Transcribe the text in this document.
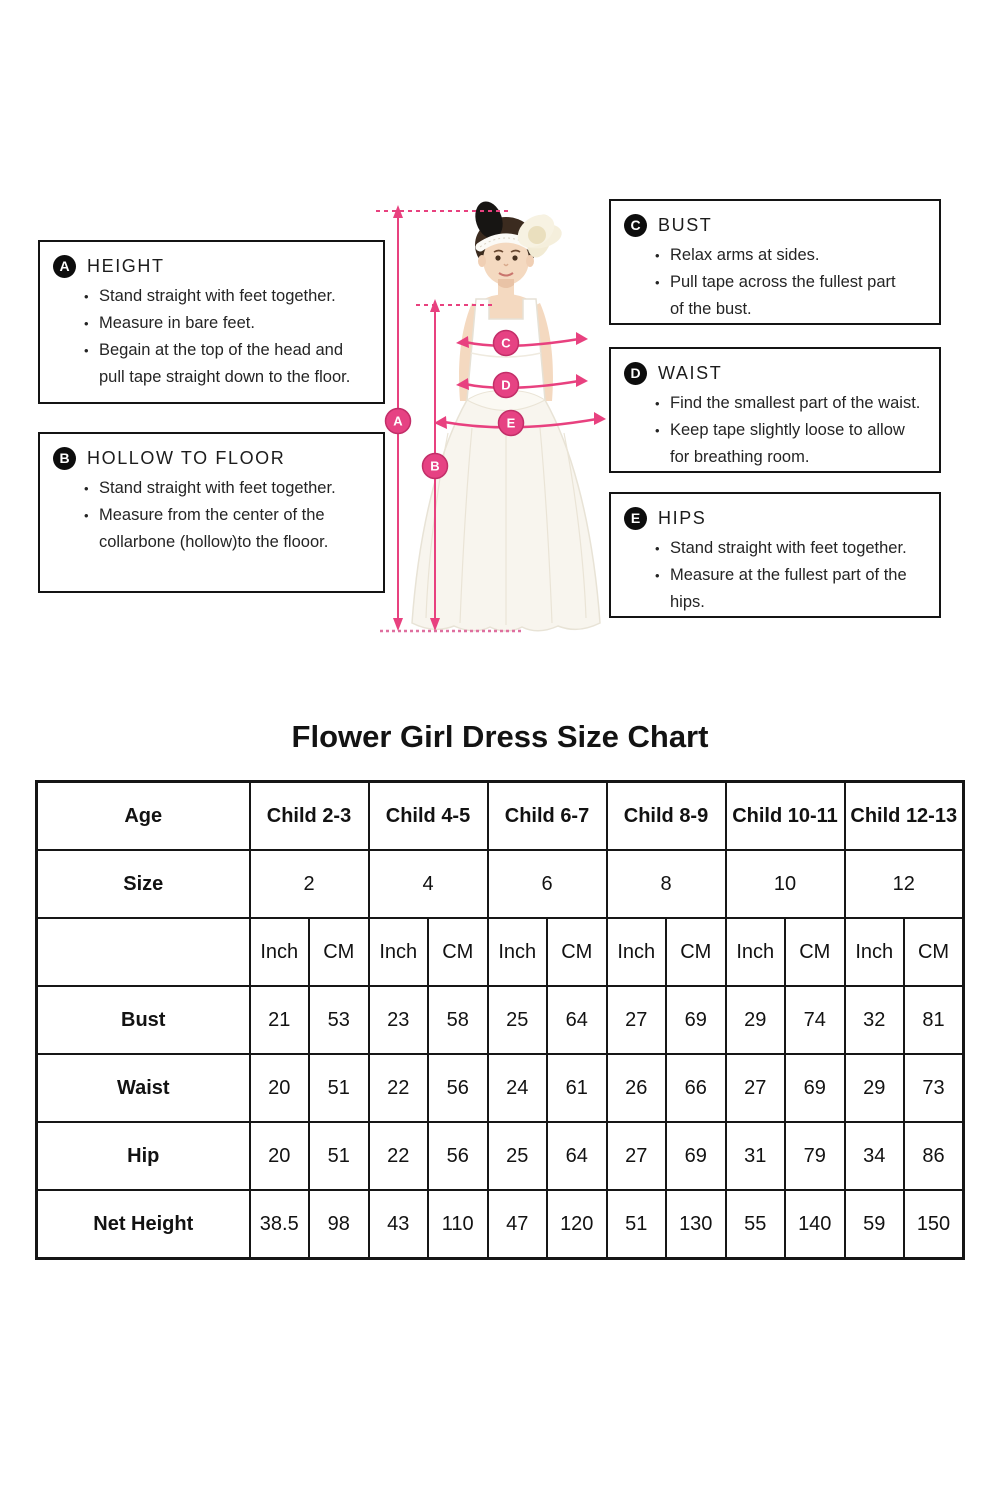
A HEIGHT
• Stand straight with feet together.
• Measure in bare feet.
• Begain at the top of the head and
pull tape straight down to the floor.
B HOLLOW TO FLOOR
• Stand straight with feet together.
• Measure from the center of the
collarbone (hollow)to the flooor.
C BUST
• Relax arms at sides.
• Pull tape across the fullest part
of the bust.
D WAIST
• Find the smallest part of the waist.
• Keep tape slightly loose to allow
for breathing room.
E HIPS
• Stand straight with feet together.
• Measure at the fullest part of the
hips.
A
B
C
D
E
Flower Girl Dress Size Chart
Age	Child 2-3		Child 4-5		Child 6-7		Child 8-9		Child 10-11		Child 12-13	
Size	2		4		6		8		10		12	
	Inch	CM	Inch	CM	Inch	CM	Inch	CM	Inch	CM	Inch	CM
Bust	21	53	23	58	25	64	27	69	29	74	32	81
Waist	20	51	22	56	24	61	26	66	27	69	29	73
Hip	20	51	22	56	25	64	27	69	31	79	34	86
Net Height	38.5	98	43	110	47	120	51	130	55	140	59	150
